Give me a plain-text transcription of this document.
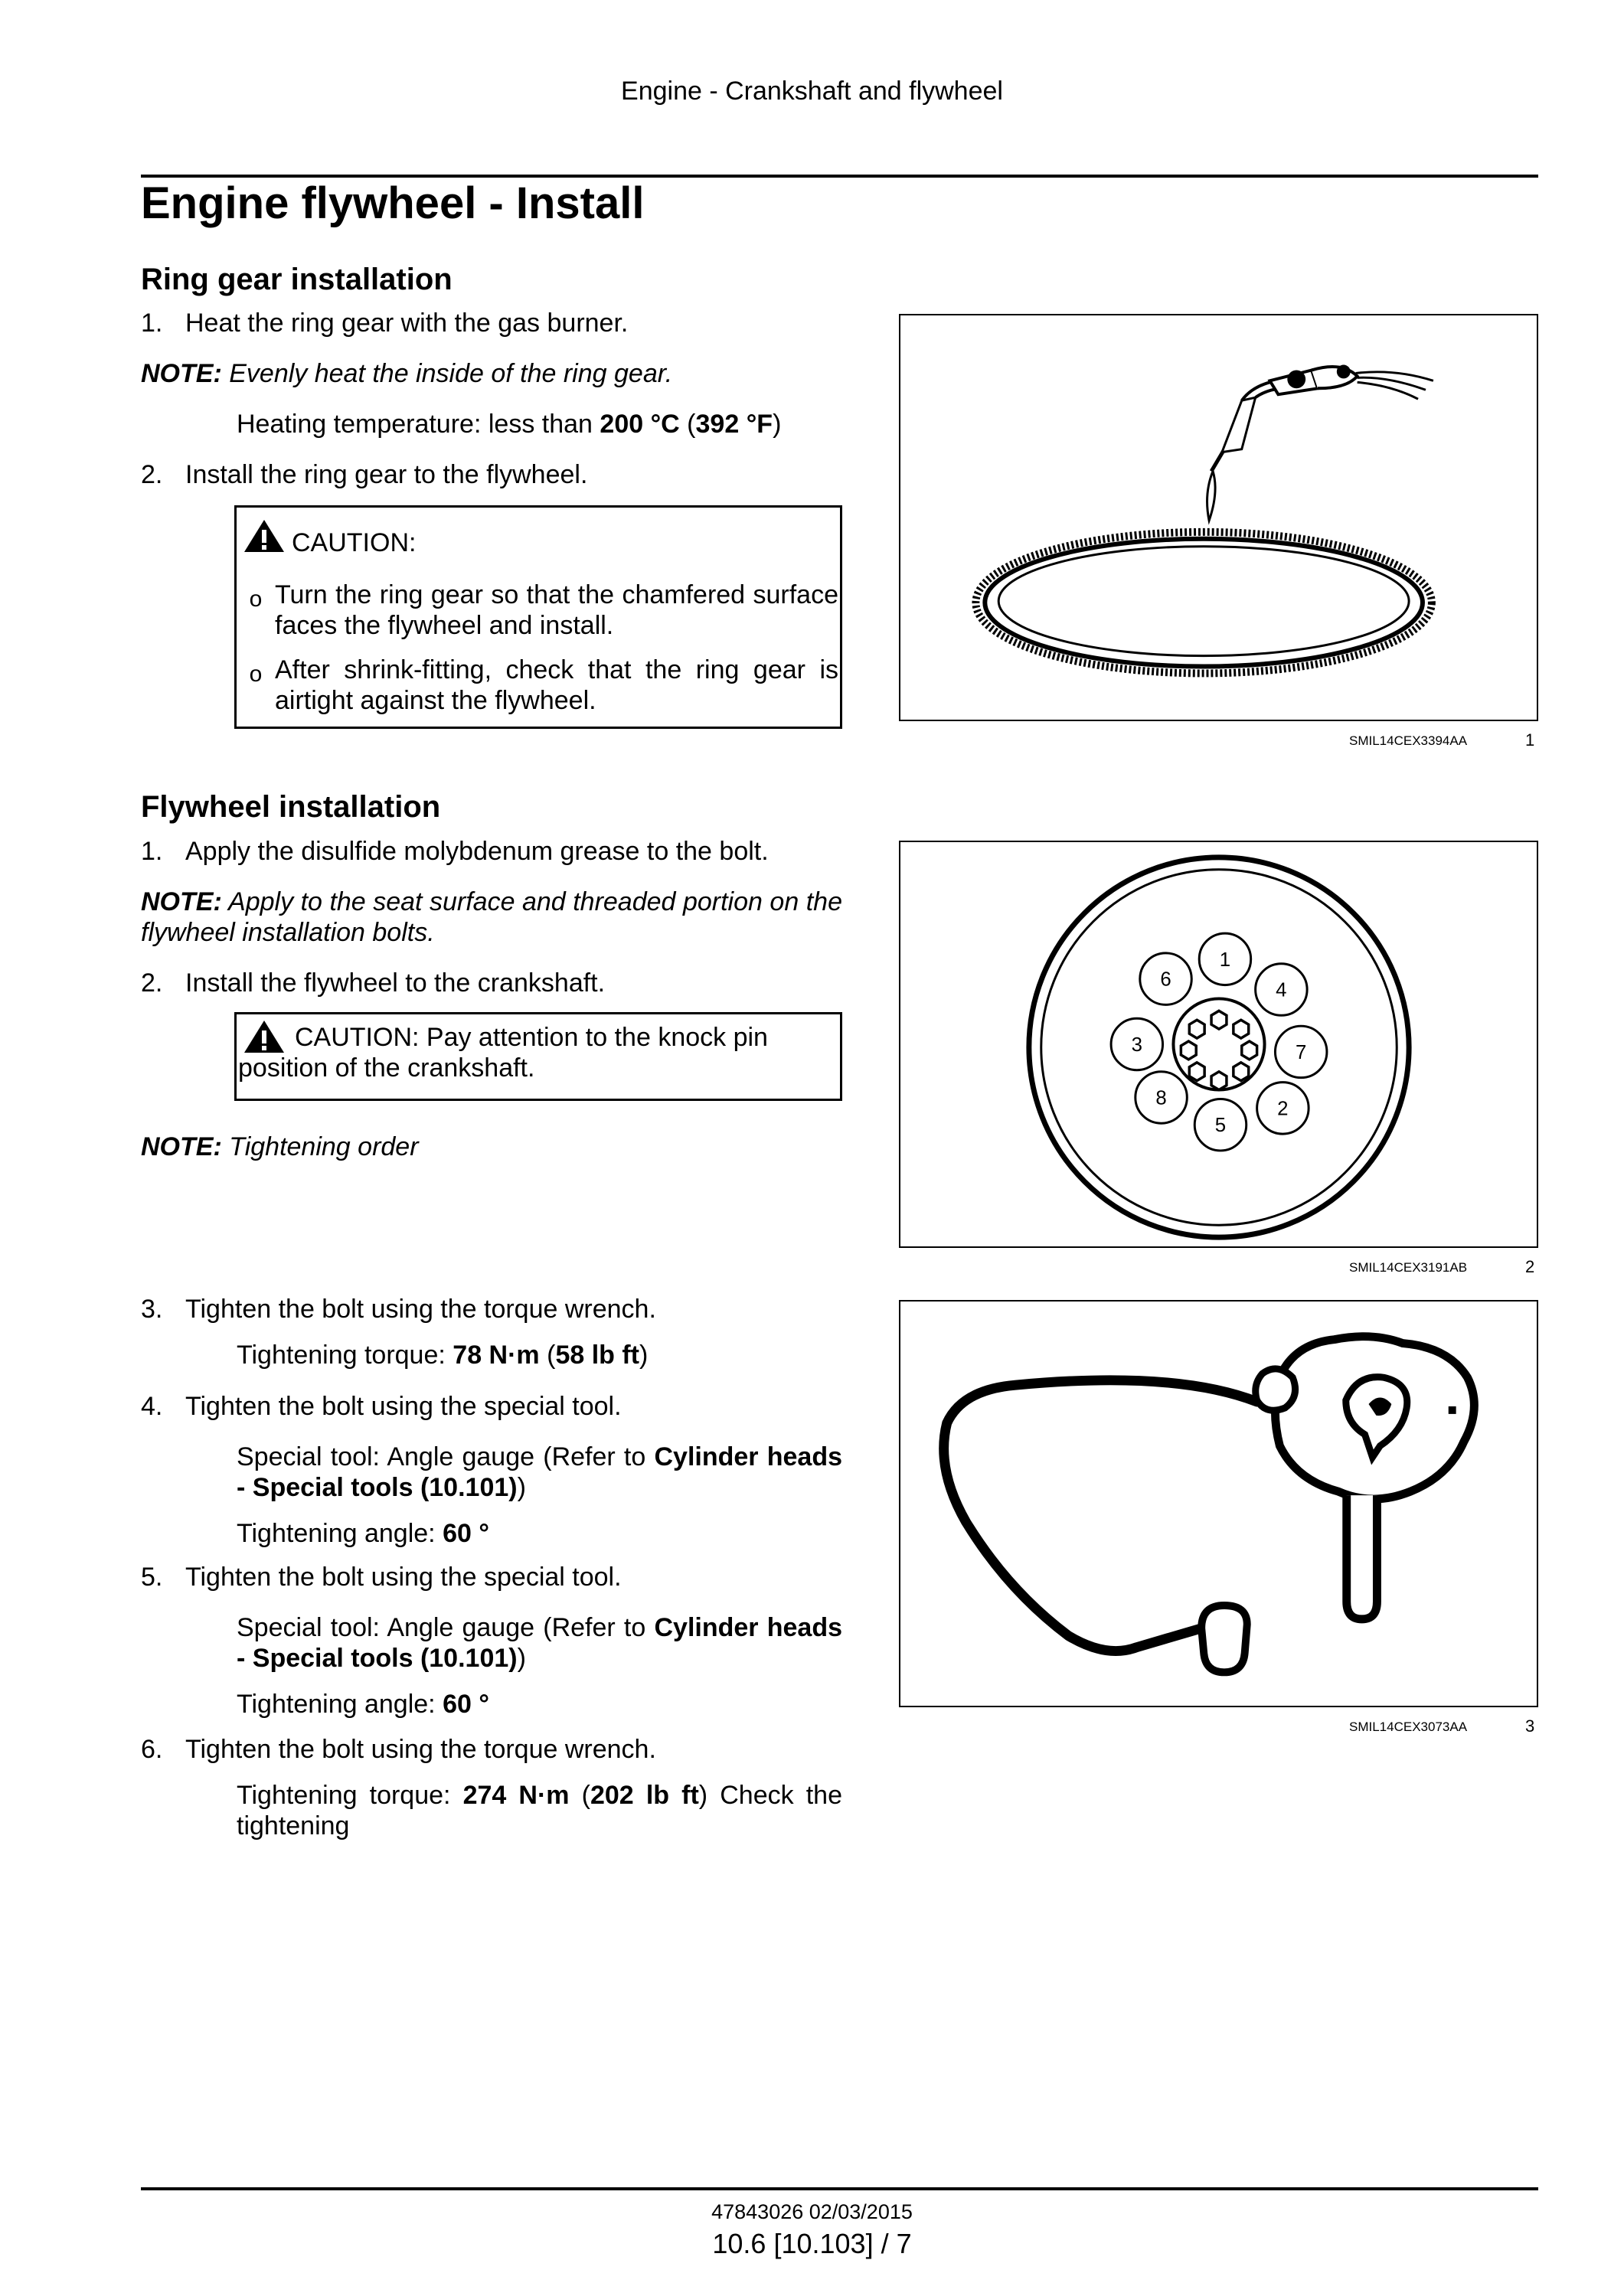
Engine - Crankshaft and flywheel
Engine flywheel - Install
Ring gear installation
1. Heat the ring gear with the gas burner.
NOTE: Evenly heat the inside of the ring gear.
Heating temperature: less than 200 °C (392 °F)
2. Install the ring gear to the flywheel.
CAUTION:
o Turn the ring gear so that the chamfered surface faces the flywheel and install.
o After shrink-fitting, check that the ring gear is airtight against the flywheel.
SMIL14CEX3394AA	1
Flywheel installation
1. Apply the disulfide molybdenum grease to the bolt.
NOTE: Apply to the seat surface and threaded portion on the flywheel installation bolts.
2. Install the flywheel to the crankshaft.
CAUTION: Pay attention to the knock pin position of the crankshaft.
NOTE: Tightening order
1
2
3
4
5
6
7
8
SMIL14CEX3191AB	2
3. Tighten the bolt using the torque wrench.
Tightening torque: 78 N·m (58 lb ft)
4. Tighten the bolt using the special tool.
Special tool: Angle gauge (Refer to Cylinder heads - Special tools (10.101))
Tightening angle: 60 °
5. Tighten the bolt using the special tool.
Special tool: Angle gauge (Refer to Cylinder heads - Special tools (10.101))
Tightening angle: 60 °
6. Tighten the bolt using the torque wrench.
Tightening torque: 274 N·m (202 lb ft) Check the tightening
SMIL14CEX3073AA	3
47843026 02/03/2015
10.6 [10.103] / 7
